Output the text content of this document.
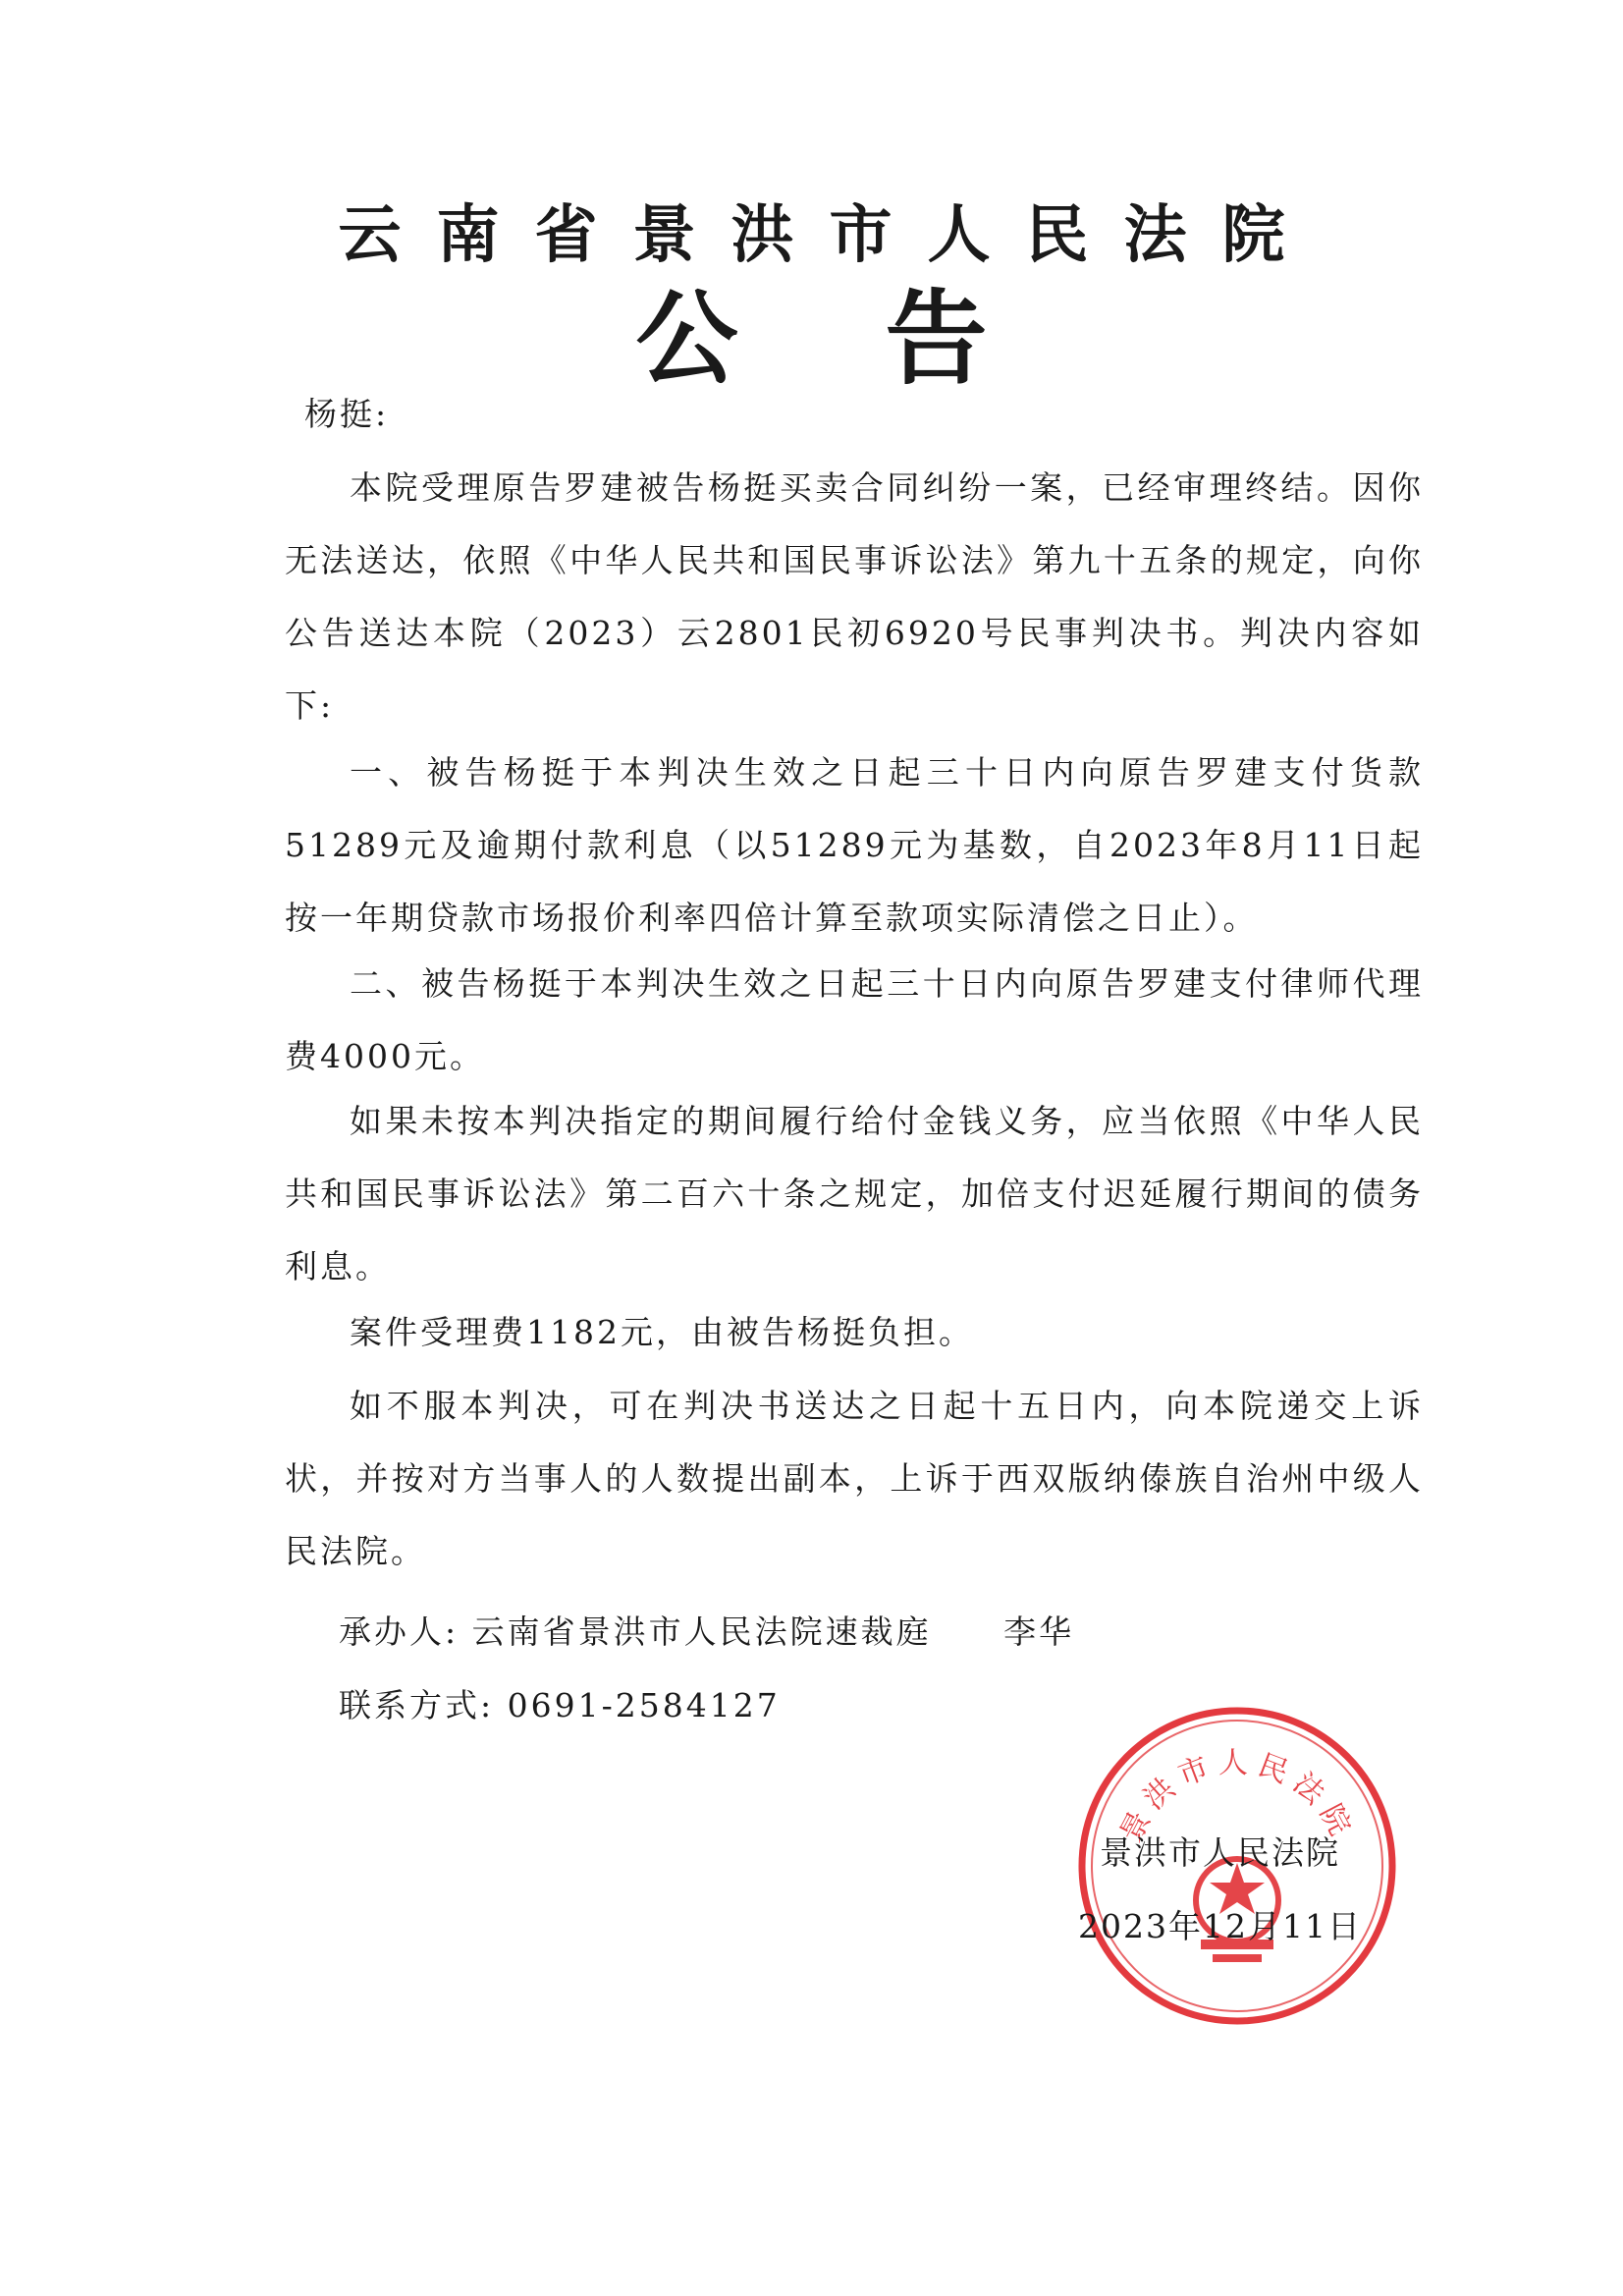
云南省景洪市人民法院
公告
杨挺:
本院受理原告罗建被告杨挺买卖合同纠纷一案，已经审理终结。因你无法送达，依照《中华人民共和国民事诉讼法》第九十五条的规定，向你公告送达本院（2023）云2801民初6920号民事判决书。判决内容如下:
一、被告杨挺于本判决生效之日起三十日内向原告罗建支付货款51289元及逾期付款利息（以51289元为基数，自2023年8月11日起按一年期贷款市场报价利率四倍计算至款项实际清偿之日止）。
二、被告杨挺于本判决生效之日起三十日内向原告罗建支付律师代理费4000元。
如果未按本判决指定的期间履行给付金钱义务，应当依照《中华人民共和国民事诉讼法》第二百六十条之规定，加倍支付迟延履行期间的债务利息。
案件受理费1182元，由被告杨挺负担。
如不服本判决，可在判决书送达之日起十五日内，向本院递交上诉状，并按对方当事人的人数提出副本，上诉于西双版纳傣族自治州中级人民法院。
承办人: 云南省景洪市人民法院速裁庭 李华
联系方式: 0691-2584127
景洪市人民法院
景洪市人民法院
2023年12月11日
